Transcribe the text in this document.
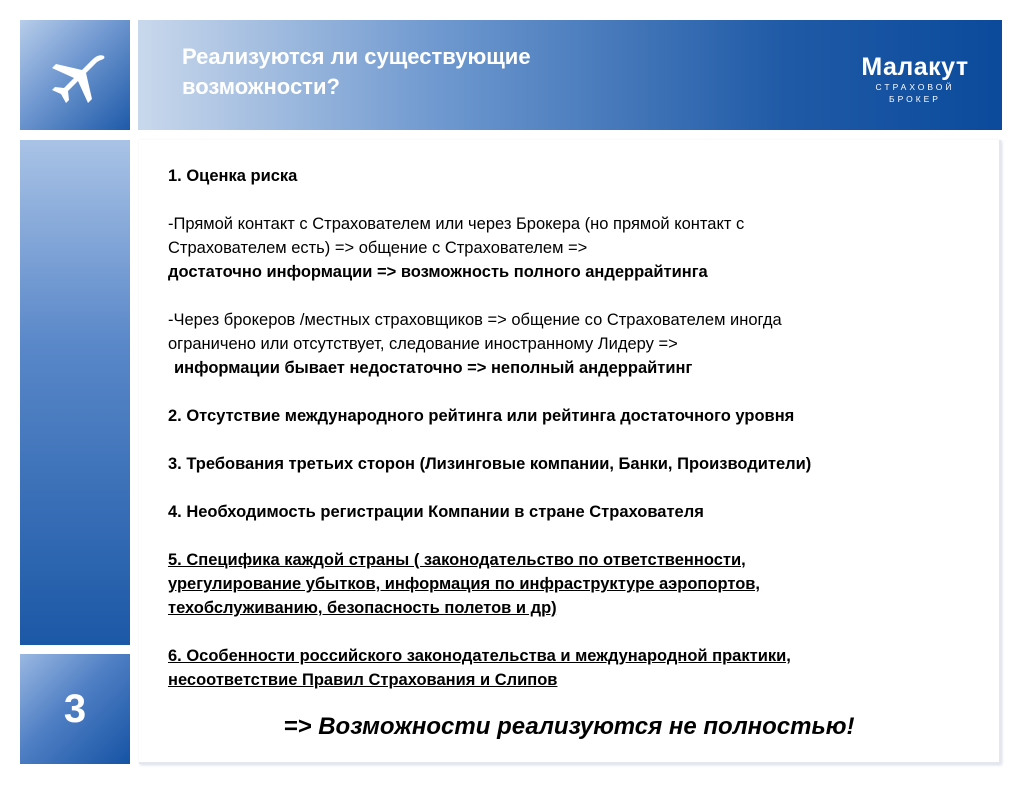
Реализуются ли существующие
возможности?
Малакут
СТРАХОВОЙ БРОКЕР
3
1. Оценка риска
-Прямой контакт с Страхователем или через Брокера (но прямой контакт с
Страхователем есть) => общение с Страхователем =>
достаточно информации => возможность полного андеррайтинга
-Через брокеров /местных страховщиков => общение со Страхователем иногда
ограничено или отсутствует, следование иностранному Лидеру =>
информации бывает недостаточно => неполный андеррайтинг
2. Отсутствие международного рейтинга или рейтинга достаточного уровня
3. Требования третьих сторон (Лизинговые компании, Банки, Производители)
4. Необходимость регистрации Компании в стране Страхователя
5. Специфика каждой страны ( законодательство по ответственности,
урегулирование убытков, информация по инфраструктуре аэропортов,
техобслуживанию, безопасность полетов и др)
6. Особенности российского законодательства и международной практики,
несоответствие Правил Страхования и Слипов
=> Возможности реализуются не полностью!
